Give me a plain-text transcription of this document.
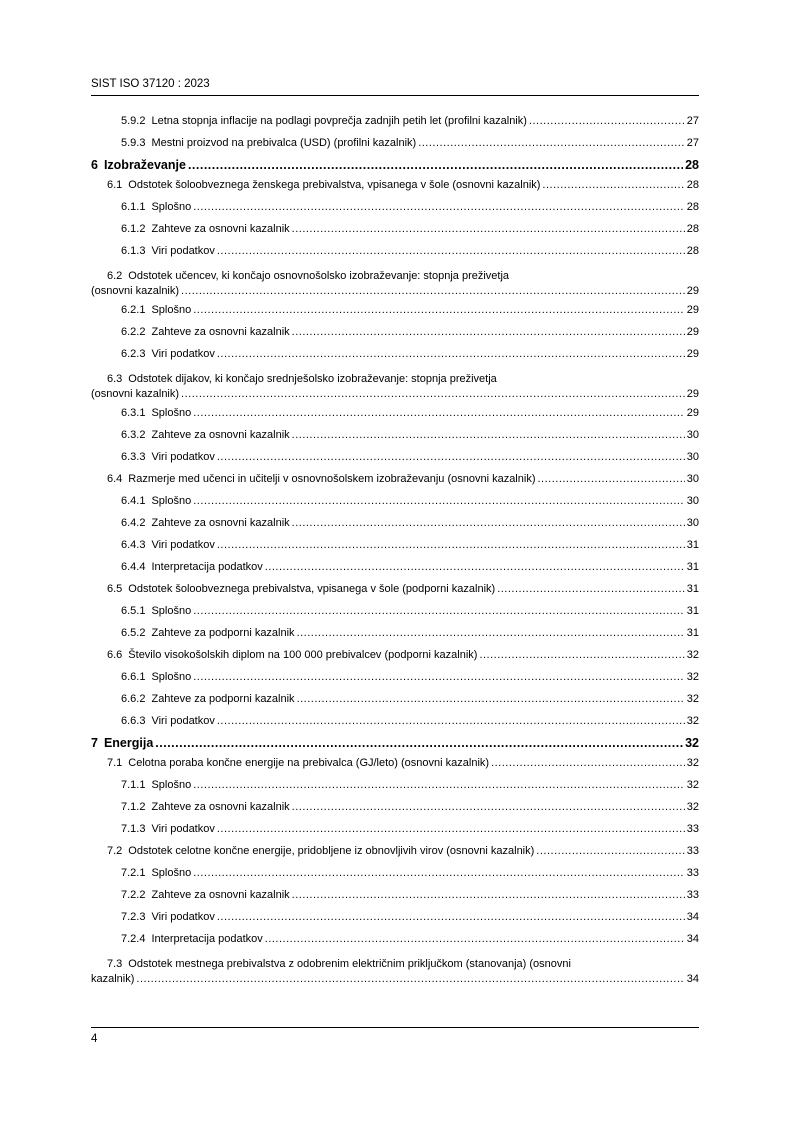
SIST ISO 37120 : 2023
5.9.2 Letna stopnja inflacije na podlagi povprečja zadnjih petih let (profilni kazalnik) .....	27
5.9.3 Mestni proizvod na prebivalca (USD) (profilni kazalnik) .....	27
6 Izobraževanje .....	28
6.1 Odstotek šoloobveznega ženskega prebivalstva, vpisanega v šole (osnovni kazalnik) .....	28
6.1.1 Splošno .....	28
6.1.2 Zahteve za osnovni kazalnik .....	28
6.1.3 Viri podatkov .....	28
6.2 Odstotek učencev, ki končajo osnovnošolsko izobraževanje: stopnja preživetja
(osnovni kazalnik) .....	29
6.2.1 Splošno .....	29
6.2.2 Zahteve za osnovni kazalnik .....	29
6.2.3 Viri podatkov .....	29
6.3 Odstotek dijakov, ki končajo srednješolsko izobraževanje: stopnja preživetja
(osnovni kazalnik) .....	29
6.3.1 Splošno .....	29
6.3.2 Zahteve za osnovni kazalnik .....	30
6.3.3 Viri podatkov .....	30
6.4 Razmerje med učenci in učitelji v osnovnošolskem izobraževanju (osnovni kazalnik) .....	30
6.4.1 Splošno .....	30
6.4.2 Zahteve za osnovni kazalnik .....	30
6.4.3 Viri podatkov .....	31
6.4.4 Interpretacija podatkov .....	31
6.5 Odstotek šoloobveznega prebivalstva, vpisanega v šole (podporni kazalnik) .....	31
6.5.1 Splošno .....	31
6.5.2 Zahteve za podporni kazalnik .....	31
6.6 Število visokošolskih diplom na 100 000 prebivalcev (podporni kazalnik) .....	32
6.6.1 Splošno .....	32
6.6.2 Zahteve za podporni kazalnik .....	32
6.6.3 Viri podatkov .....	32
7 Energija .....	32
7.1 Celotna poraba končne energije na prebivalca (GJ/leto) (osnovni kazalnik) .....	32
7.1.1 Splošno .....	32
7.1.2 Zahteve za osnovni kazalnik .....	32
7.1.3 Viri podatkov .....	33
7.2 Odstotek celotne končne energije, pridobljene iz obnovljivih virov (osnovni kazalnik) .....	33
7.2.1 Splošno .....	33
7.2.2 Zahteve za osnovni kazalnik .....	33
7.2.3 Viri podatkov .....	34
7.2.4 Interpretacija podatkov .....	34
7.3 Odstotek mestnega prebivalstva z odobrenim električnim priključkom (stanovanja) (osnovni
kazalnik) .....	34
4
